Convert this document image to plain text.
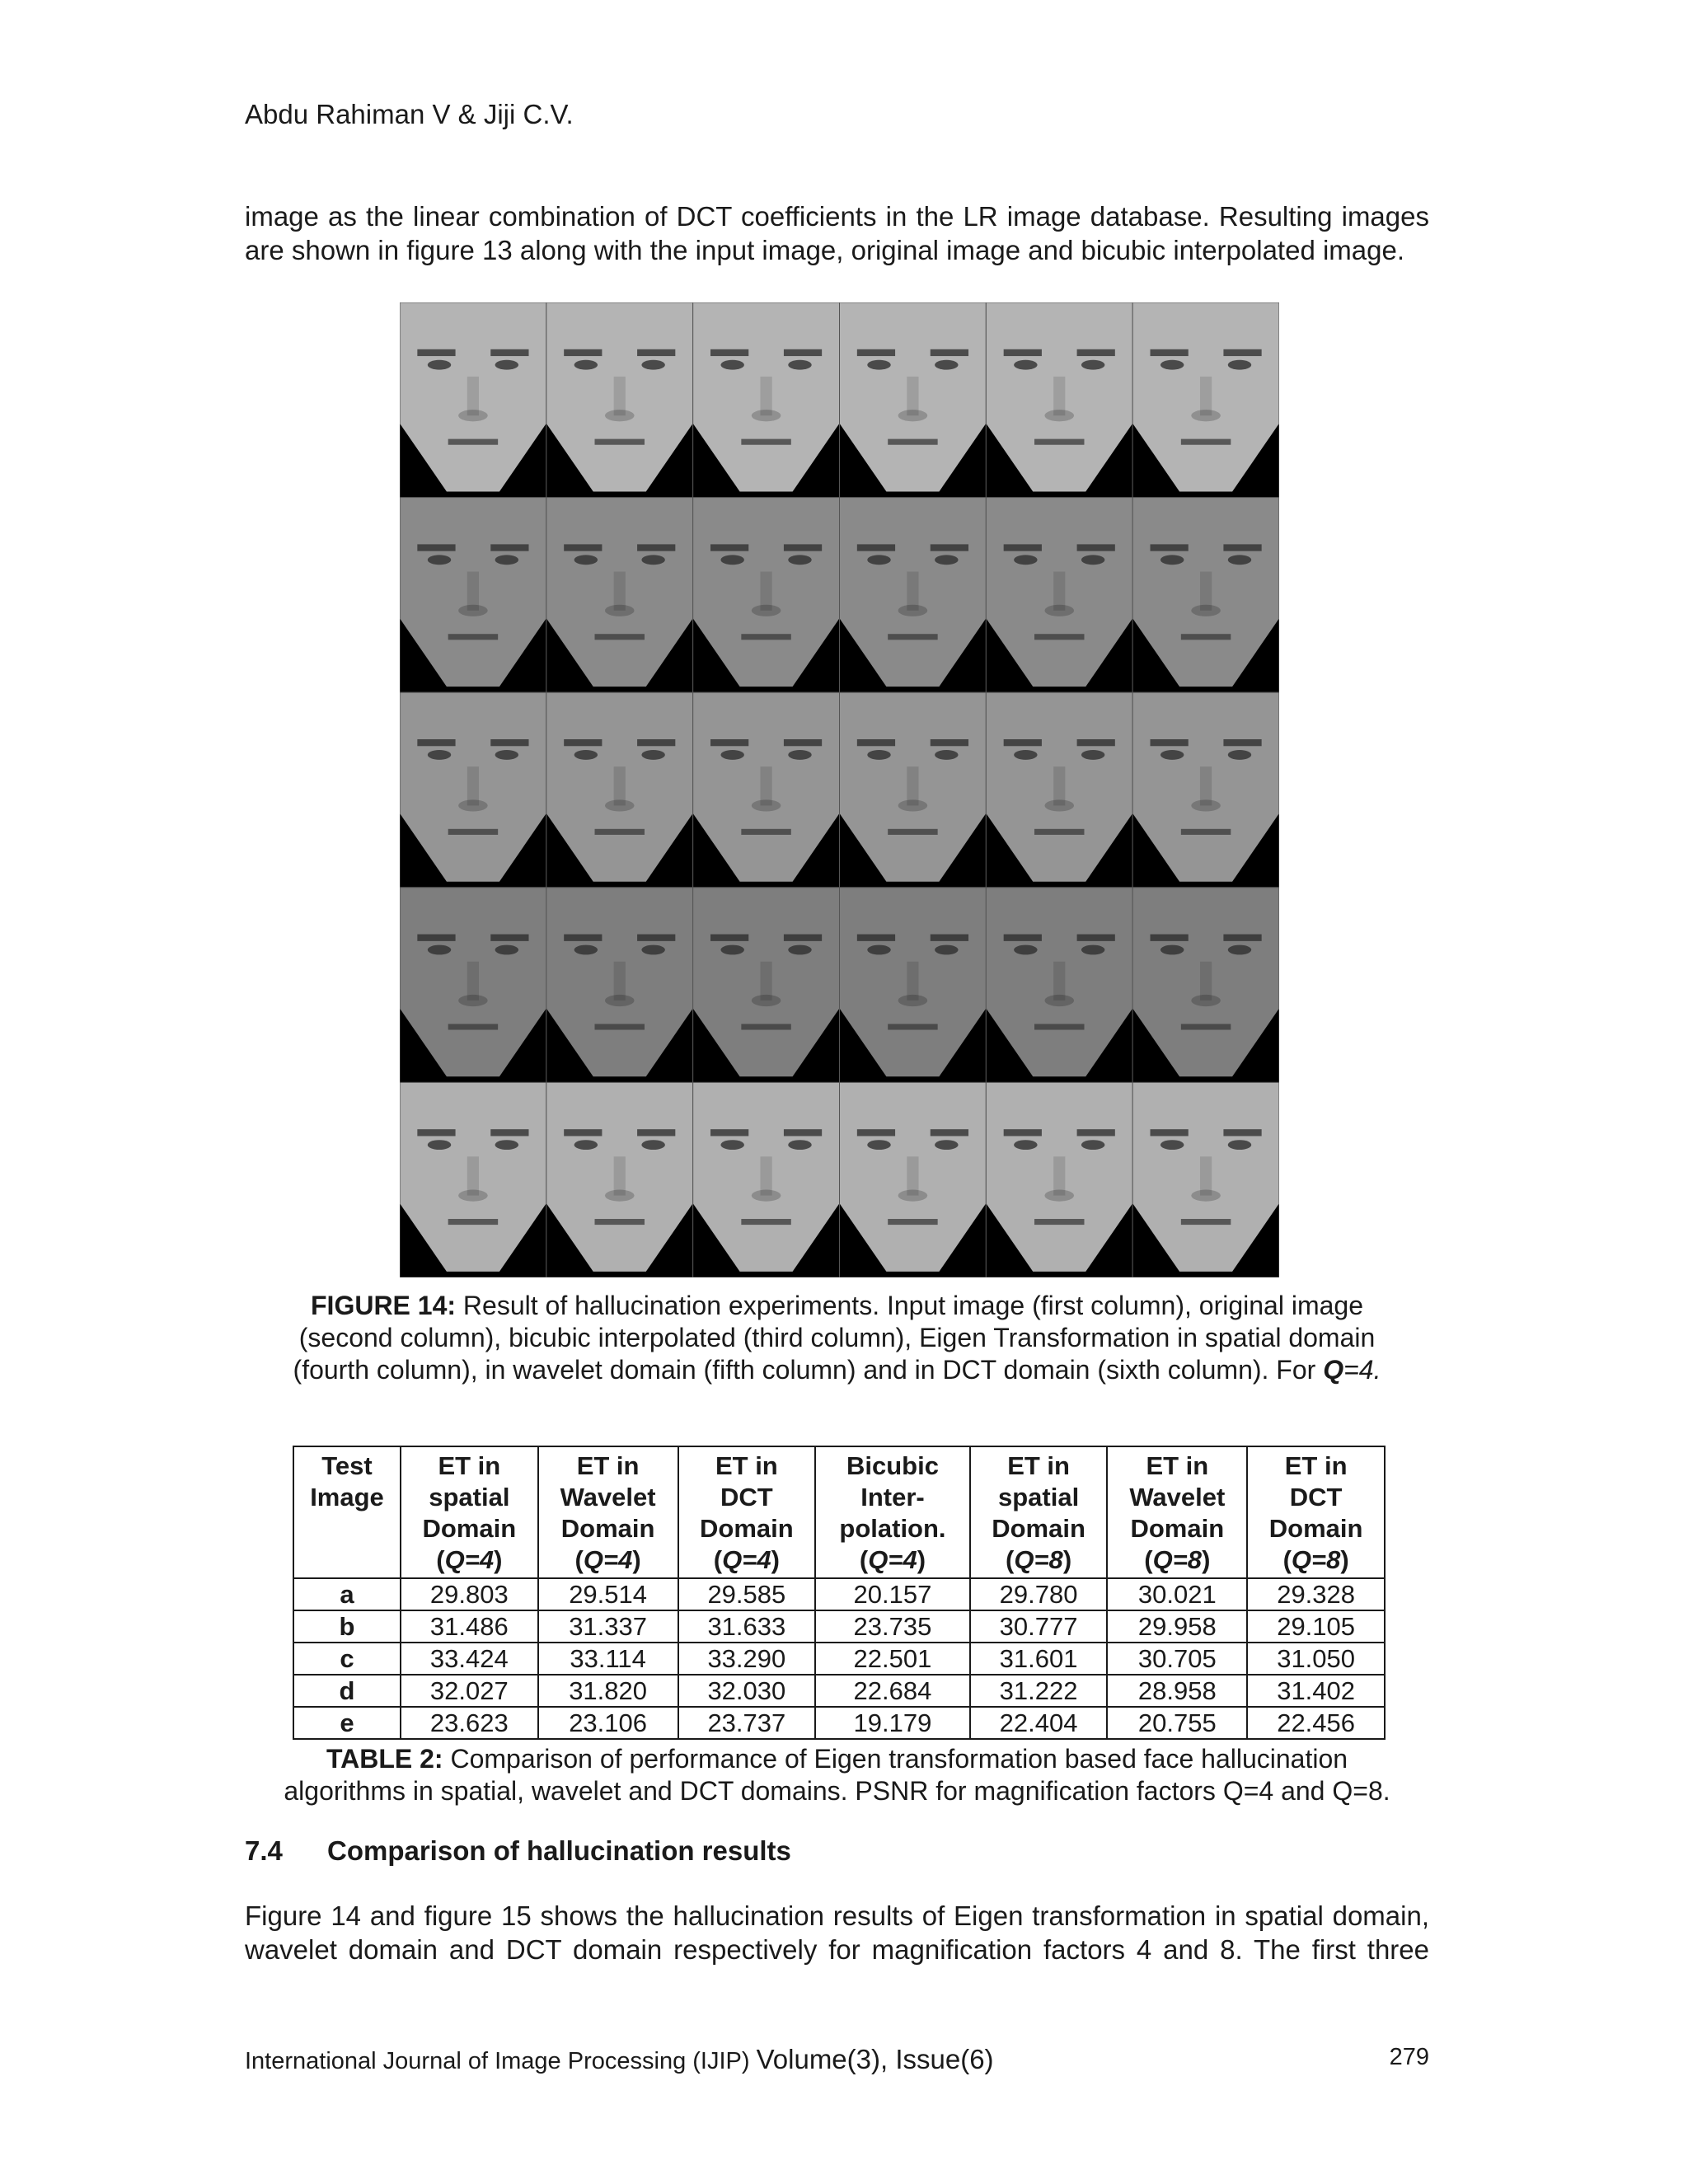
Abdu Rahiman V & Jiji C.V.
image as the linear combination of DCT coefficients in the LR image database. Resulting images
are shown in figure 13 along with the input image, original image and bicubic interpolated image.
FIGURE 14: Result of hallucination experiments. Input image (first column), original image
(second column), bicubic interpolated (third column), Eigen Transformation in spatial domain
(fourth column), in wavelet domain (fifth column) and in DCT domain (sixth column). For Q=4.
Test
Image	ET in
spatial
Domain
(Q=4)	ET in
Wavelet
Domain
(Q=4)	ET in
DCT
Domain
(Q=4)	Bicubic
Inter-
polation.
(Q=4)	ET in
spatial
Domain
(Q=8)	ET in
Wavelet
Domain
(Q=8)	ET in
DCT
Domain
(Q=8)
a	29.803	29.514	29.585	20.157	29.780	30.021	29.328
b	31.486	31.337	31.633	23.735	30.777	29.958	29.105
c	33.424	33.114	33.290	22.501	31.601	30.705	31.050
d	32.027	31.820	32.030	22.684	31.222	28.958	31.402
e	23.623	23.106	23.737	19.179	22.404	20.755	22.456
TABLE 2: Comparison of performance of Eigen transformation based face hallucination
algorithms in spatial, wavelet and DCT domains. PSNR for magnification factors Q=4 and Q=8.
7.4 Comparison of hallucination results
Figure 14 and figure 15 shows the hallucination results of Eigen transformation in spatial domain,
wavelet domain and DCT domain respectively for magnification factors 4 and 8. The first three
International Journal of Image Processing (IJIP) Volume(3), Issue(6)	279
